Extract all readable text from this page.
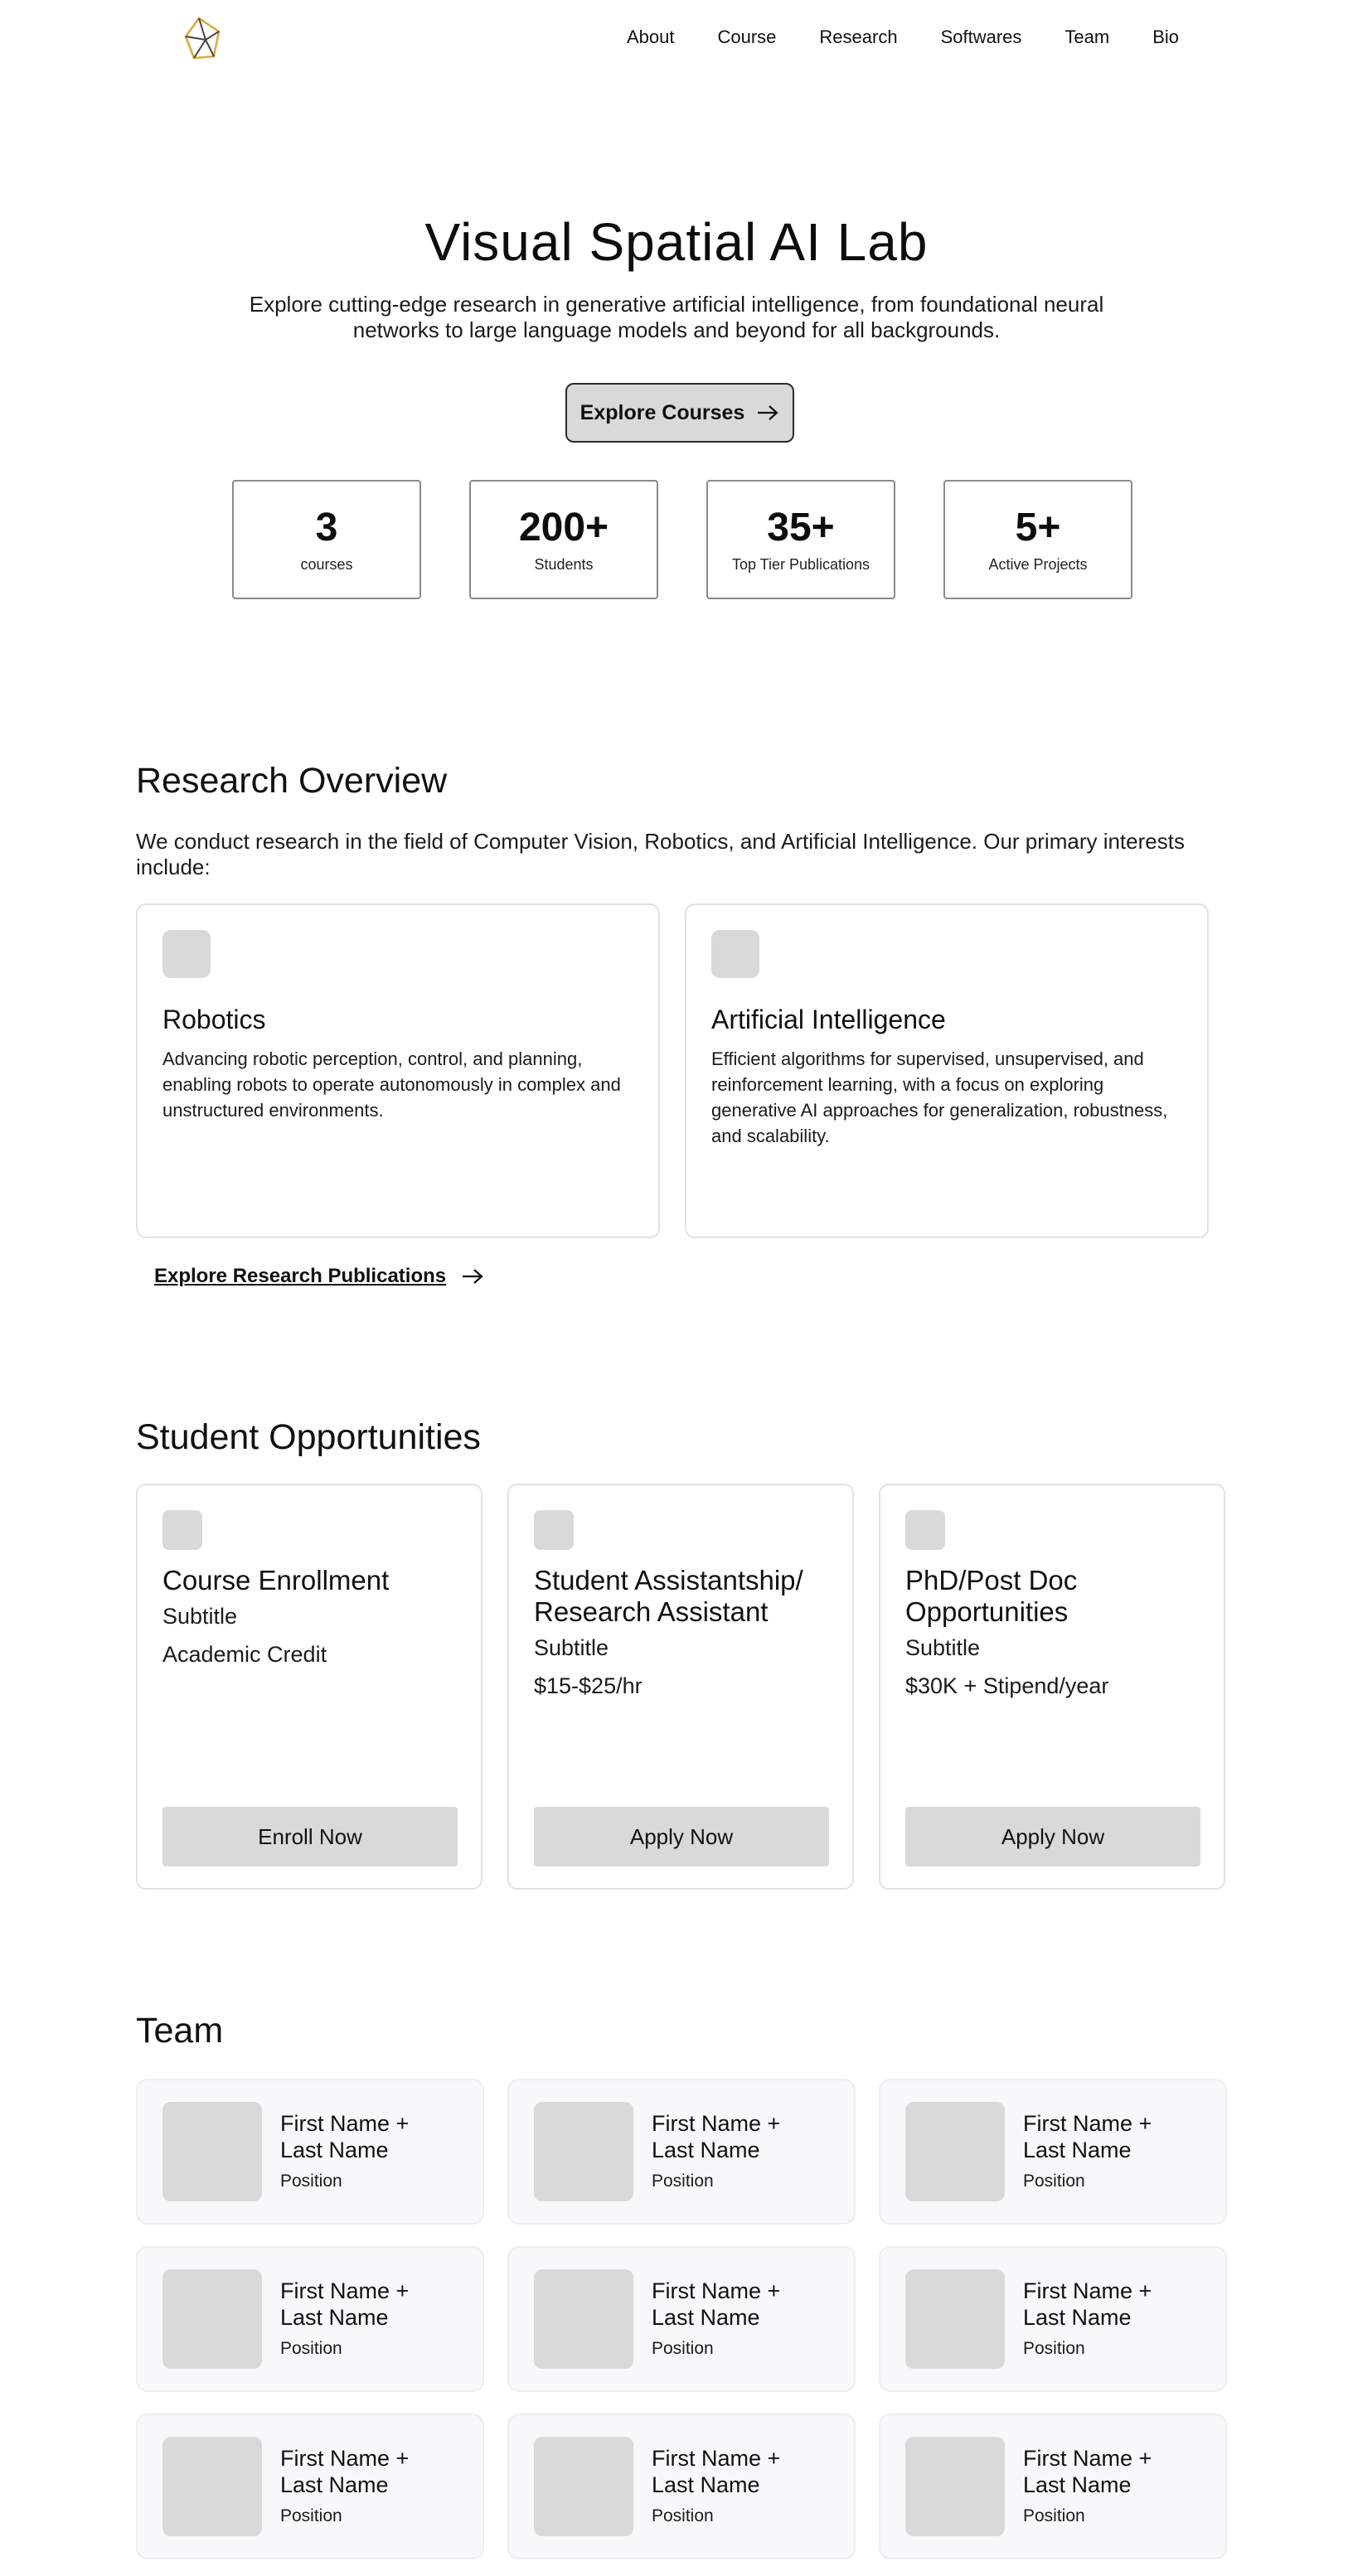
About Course Research Softwares Team Bio
Visual Spatial AI Lab

Explore cutting-edge research in generative artificial intelligence, from foundational neural networks to large language models and beyond for all backgrounds.

Explore Courses
3
courses
200+
Students
35+
Top Tier Publications
5+
Active Projects
Research Overview

We conduct research in the field of Computer Vision, Robotics, and Artificial Intelligence. Our primary interests include:

Robotics
Advancing robotic perception, control, and planning, enabling robots to operate autonomously in complex and unstructured environments.
Artificial Intelligence
Efficient algorithms for supervised, unsupervised, and reinforcement learning, with a focus on exploring generative AI approaches for generalization, robustness, and scalability.
Explore Research Publications
Student Opportunities
Course Enrollment
Subtitle
Academic Credit
Enroll Now
Student Assistantship/ Research Assistant
Subtitle
$15-$25/hr
Apply Now
PhD/Post Doc Opportunities
Subtitle
$30K + Stipend/year
Apply Now
Team
First Name + Last Name
Position
First Name + Last Name
Position
First Name + Last Name
Position
First Name + Last Name
Position
First Name + Last Name
Position
First Name + Last Name
Position
First Name + Last Name
Position
First Name + Last Name
Position
First Name + Last Name
Position
